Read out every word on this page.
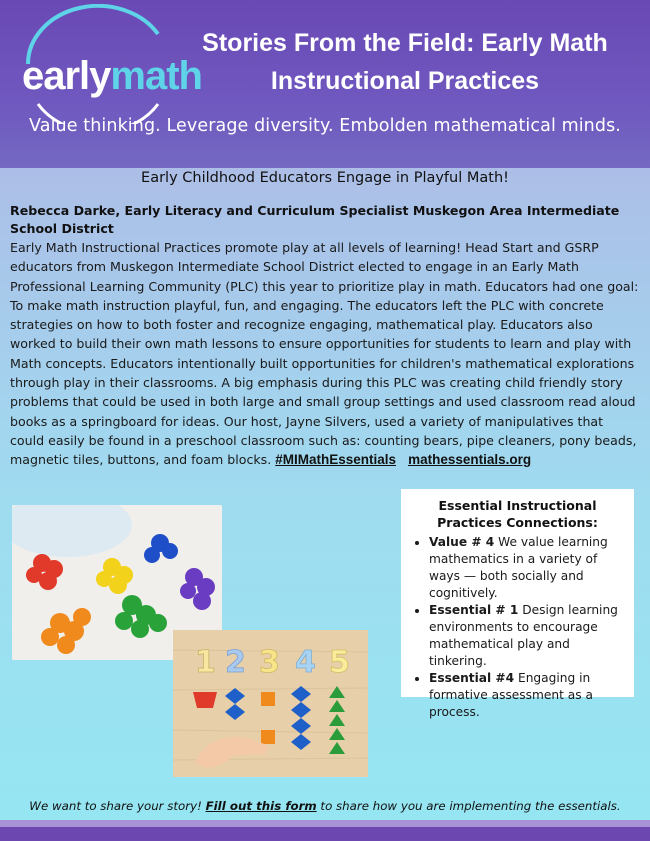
earlymath
Stories From the Field: Early Math
Instructional Practices
Value thinking. Leverage diversity. Embolden mathematical minds.
Early Childhood Educators Engage in Playful Math!
Rebecca Darke, Early Literacy and Curriculum Specialist Muskegon Area Intermediate School District
Early Math Instructional Practices promote play at all levels of learning! Head Start and GSRP educators from Muskegon Intermediate School District elected to engage in an Early Math Professional Learning Community (PLC) this year to prioritize play in math. Educators had one goal: To make math instruction playful, fun, and engaging. The educators left the PLC with concrete strategies on how to both foster and recognize engaging, mathematical play. Educators also worked to build their own math lessons to ensure opportunities for students to learn and play with Math concepts. Educators intentionally built opportunities for children's mathematical explorations through play in their classrooms. A big emphasis during this PLC was creating child friendly story problems that could be used in both large and small group settings and used classroom read aloud books as a springboard for ideas. Our host, Jayne Silvers, used a variety of manipulatives that could easily be found in a preschool classroom such as: counting bears, pipe cleaners, pony beads, magnetic tiles, buttons, and foam blocks. #MIMathEssentials mathessentials.org
1 2 3 4 5
Essential Instructional Practices Connections:
• Value # 4 We value learning mathematics in a variety of ways — both socially and cognitively.
• Essential # 1 Design learning environments to encourage mathematical play and tinkering.
• Essential #4 Engaging in formative assessment as a process.
We want to share your story! Fill out this form to share how you are implementing the essentials.
